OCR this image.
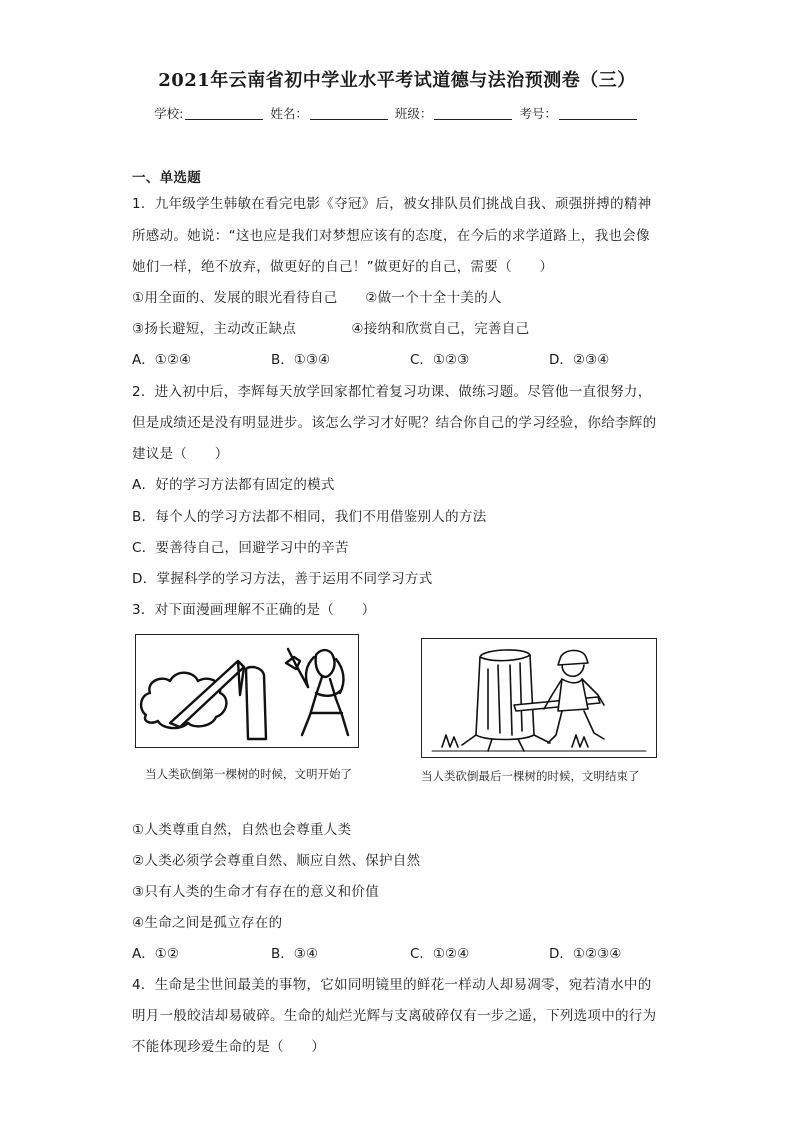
2021年云南省初中学业水平考试道德与法治预测卷（三）
学校:	姓名：	班级：	考号：
一、单选题
1．九年级学生韩敏在看完电影《夺冠》后，被女排队员们挑战自我、顽强拼搏的精神
所感动。她说：“这也应是我们对梦想应该有的态度，在今后的求学道路上，我也会像
她们一样，绝不放弃，做更好的自己！”做更好的自己，需要（　　）
①用全面的、发展的眼光看待自己　　②做一个十全十美的人
③扬长避短，主动改正缺点　　　　④接纳和欣赏自己，完善自己
A．①②④	B．①③④	C．①②③	D．②③④
2．进入初中后，李辉每天放学回家都忙着复习功课、做练习题。尽管他一直很努力，
但是成绩还是没有明显进步。该怎么学习才好呢？结合你自己的学习经验，你给李辉的
建议是（　　）
A．好的学习方法都有固定的模式
B．每个人的学习方法都不相同，我们不用借鉴别人的方法
C．要善待自己，回避学习中的辛苦
D．掌握科学的学习方法，善于运用不同学习方式
3．对下面漫画理解不正确的是（　　）
当人类砍倒第一棵树的时候，文明开始了	当人类砍倒最后一棵树的时候，文明结束了
①人类尊重自然，自然也会尊重人类
②人类必须学会尊重自然、顺应自然、保护自然
③只有人类的生命才有存在的意义和价值
④生命之间是孤立存在的
A．①②	B．③④	C．①②④	D．①②③④
4．生命是尘世间最美的事物，它如同明镜里的鲜花一样动人却易凋零，宛若清水中的
明月一般皎洁却易破碎。生命的灿烂光辉与支离破碎仅有一步之遥，下列选项中的行为
不能体现珍爱生命的是（　　）
